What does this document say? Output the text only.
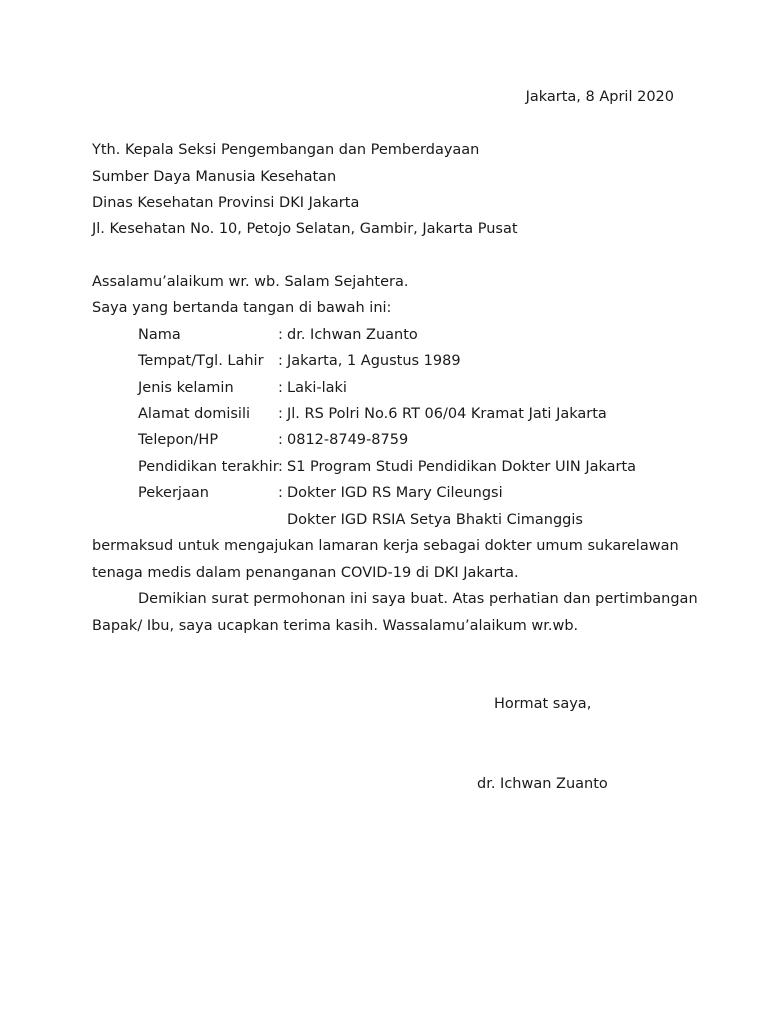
Jakarta, 8 April 2020
Yth. Kepala Seksi Pengembangan dan Pemberdayaan
Sumber Daya Manusia Kesehatan
Dinas Kesehatan Provinsi DKI Jakarta
Jl. Kesehatan No. 10, Petojo Selatan, Gambir, Jakarta Pusat
Assalamu’alaikum wr. wb. Salam Sejahtera.
Saya yang bertanda tangan di bawah ini:
Nama	: dr. Ichwan Zuanto
Tempat/Tgl. Lahir : Jakarta, 1 Agustus 1989
Jenis kelamin	: Laki-laki
Alamat domisili : Jl. RS Polri No.6 RT 06/04 Kramat Jati Jakarta
Telepon/HP	: 0812-8749-8759
Pendidikan terakhir : S1 Program Studi Pendidikan Dokter UIN Jakarta
Pekerjaan	: Dokter IGD RS Mary Cileungsi
Dokter IGD RSIA Setya Bhakti Cimanggis
bermaksud untuk mengajukan lamaran kerja sebagai dokter umum sukarelawan
tenaga medis dalam penanganan COVID-19 di DKI Jakarta.
Demikian surat permohonan ini saya buat. Atas perhatian dan pertimbangan
Bapak/ Ibu, saya ucapkan terima kasih. Wassalamu’alaikum wr.wb.
Hormat saya,
dr. Ichwan Zuanto
